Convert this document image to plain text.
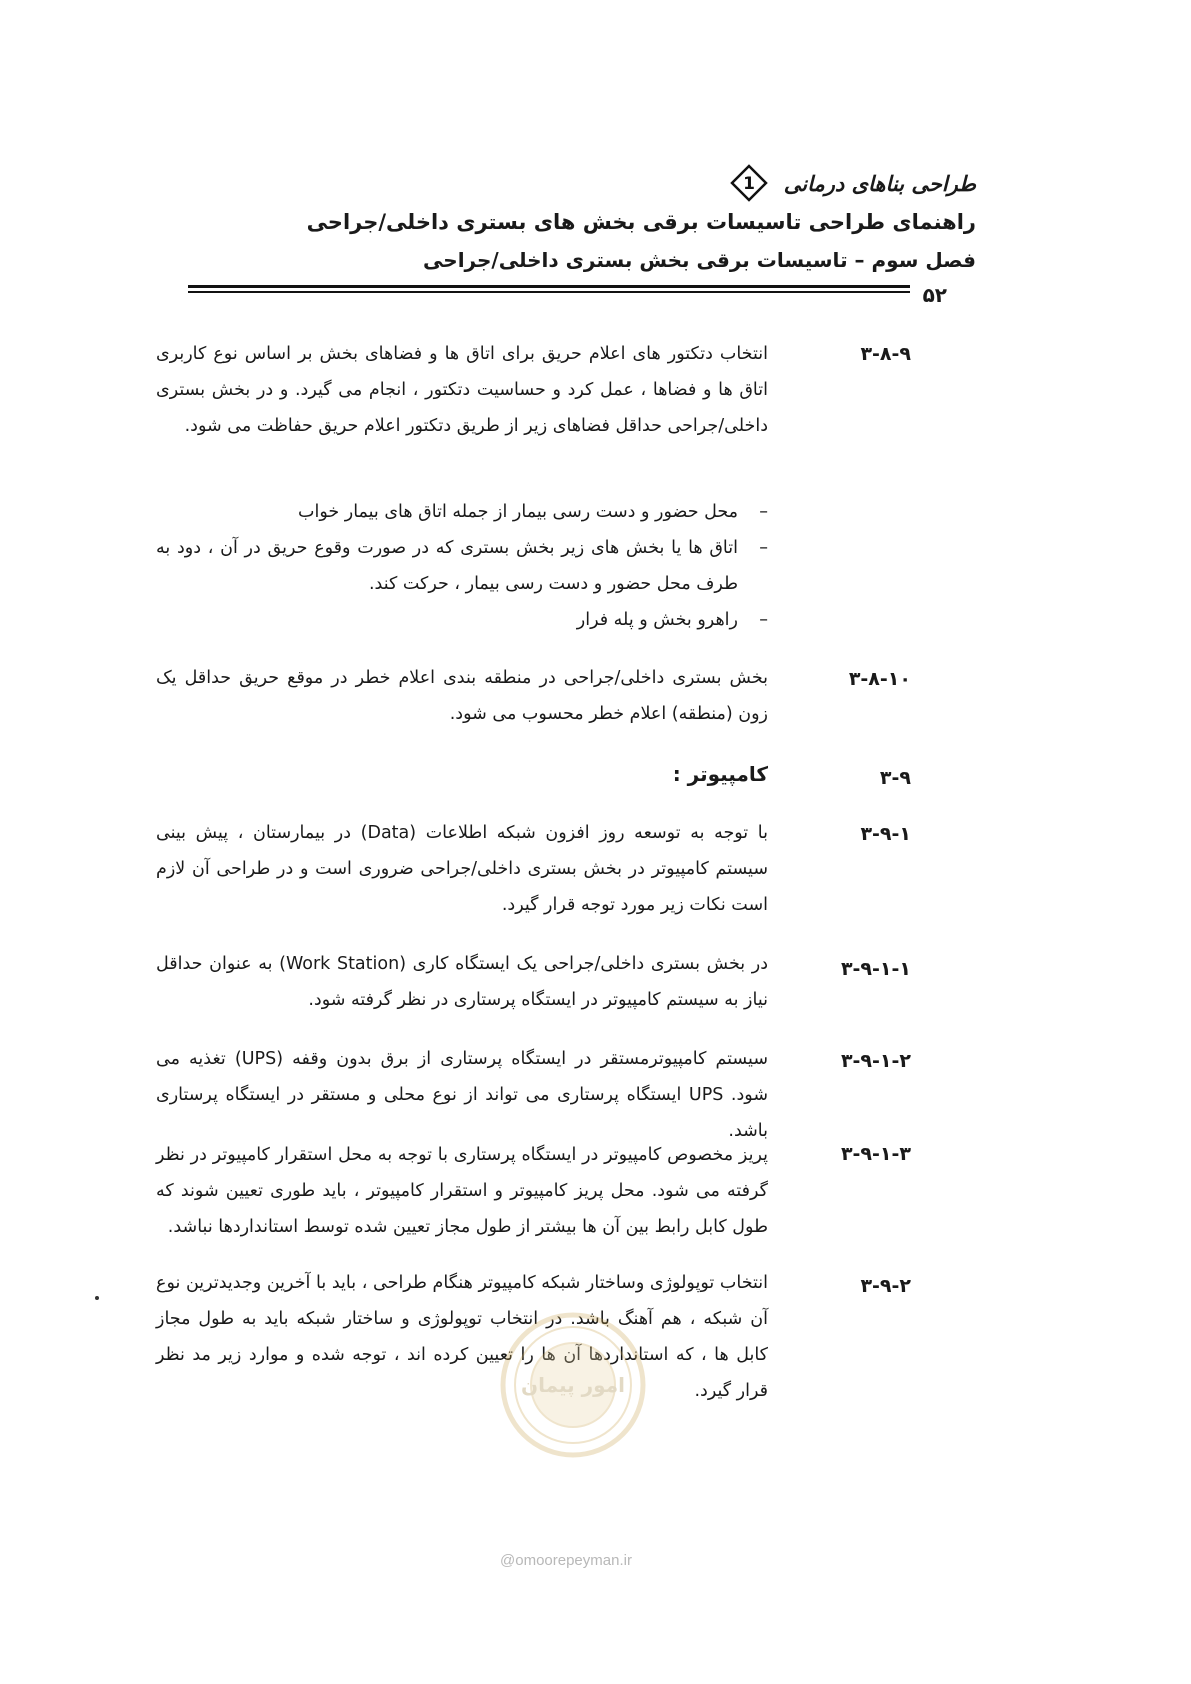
طراحی بناهای درمانی
1
راهنمای طراحی تاسیسات برقی بخش های بستری داخلی/جراحی
فصل سوم – تاسیسات برقی بخش بستری داخلی/جراحی
۵۲
۳-۸-۹
انتخاب دتکتور های اعلام حریق برای اتاق ها و فضاهای بخش بر اساس نوع کاربری اتاق ها و فضاها ، عمل کرد و حساسیت دتکتور ، انجام می گیرد. و در بخش بستری داخلی/جراحی حداقل فضاهای زیر از طریق دتکتور اعلام حریق حفاظت می شود.
–
محل حضور و دست رسی بیمار از جمله اتاق های بیمار خواب
–
اتاق ها یا بخش های زیر بخش بستری که در صورت وقوع حریق در آن ، دود به طرف محل حضور و دست رسی بیمار ، حرکت کند.
–
راهرو بخش و پله فرار
۳-۸-۱۰
بخش بستری داخلی/جراحی در منطقه بندی اعلام خطر در موقع حریق حداقل یک زون (منطقه) اعلام خطر محسوب می شود.
۳-۹
کامپیوتر :
۳-۹-۱
با توجه به توسعه روز افزون شبکه اطلاعات (Data) در بیمارستان ، پیش بینی سیستم کامپیوتر در بخش بستری داخلی/جراحی ضروری است و در طراحی آن لازم است نکات زیر مورد توجه قرار گیرد.
۳-۹-۱-۱
در بخش بستری داخلی/جراحی یک ایستگاه کاری (Work Station) به عنوان حداقل نیاز به سیستم کامپیوتر در ایستگاه پرستاری در نظر گرفته شود.
۳-۹-۱-۲
سیستم کامپیوترمستقر در ایستگاه پرستاری از برق بدون وقفه (UPS) تغذیه می شود. UPS ایستگاه پرستاری می تواند از نوع محلی و مستقر در ایستگاه پرستاری باشد.
۳-۹-۱-۳
پریز مخصوص کامپیوتر در ایستگاه پرستاری با توجه به محل استقرار کامپیوتر در نظر گرفته می شود. محل پریز کامپیوتر و استقرار کامپیوتر ، باید طوری تعیین شوند که طول کابل رابط بین آن ها بیشتر از طول مجاز تعیین شده توسط استانداردها نباشد.
۳-۹-۲
انتخاب توپولوژی وساختار شبکه کامپیوتر هنگام طراحی ، باید با آخرین وجدیدترین نوع آن شبکه ، هم آهنگ باشد. در انتخاب توپولوژی و ساختار شبکه باید به طول مجاز کابل ها ، که استانداردها آن ها را تعیین کرده اند ، توجه شده و موارد زیر مد نظر قرار گیرد.
امور پیمان
@omoorepeyman.ir
